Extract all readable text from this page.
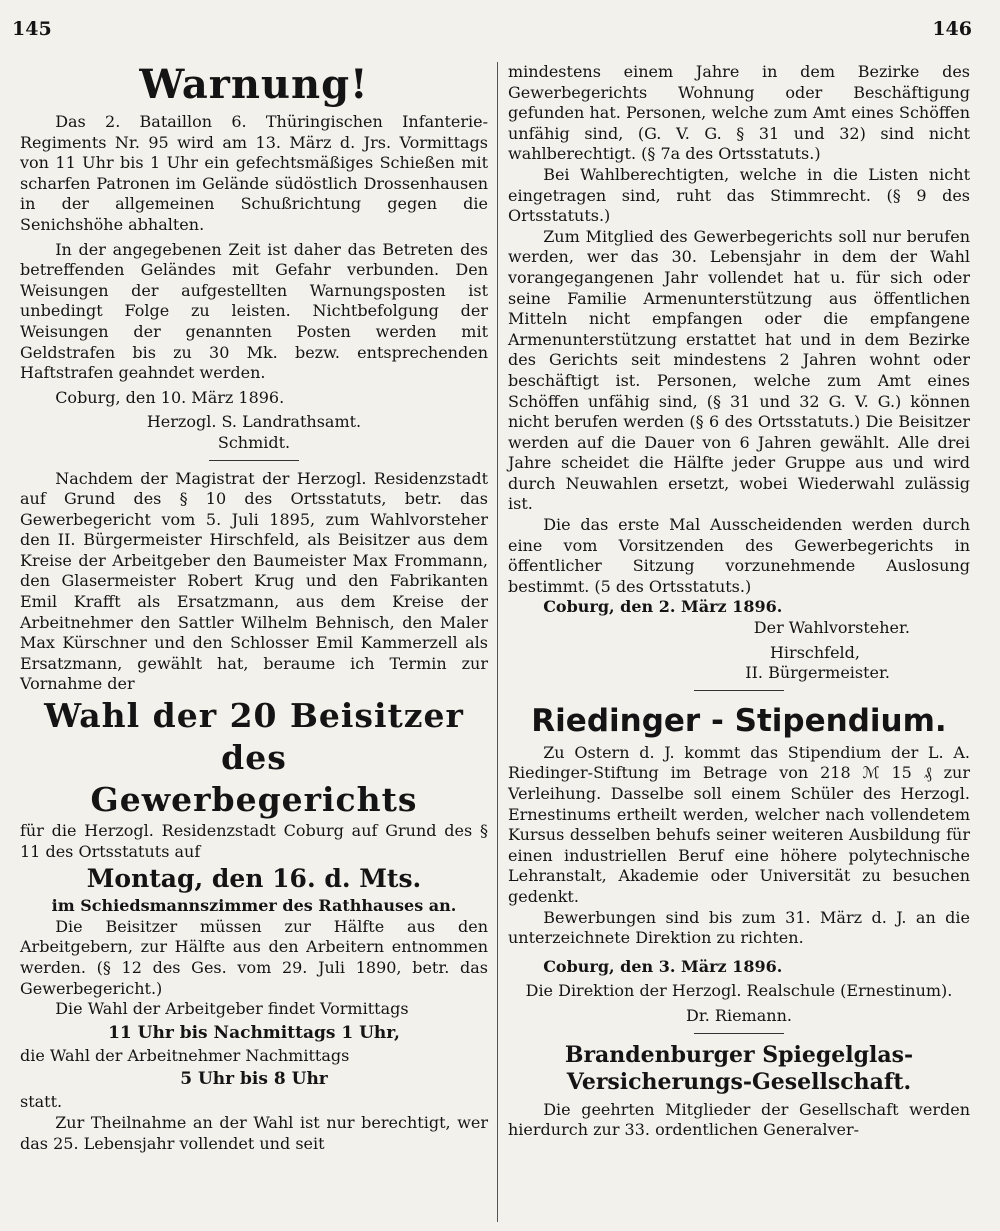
145	146

Warnung!

Das 2. Bataillon 6. Thüringischen Infanterie-Regiments Nr. 95 wird am 13. März d. Jrs. Vormittags von 11 Uhr bis 1 Uhr ein gefechtsmäßiges Schießen mit scharfen Patronen im Gelände südöstlich Drossenhausen in der allgemeinen Schußrichtung gegen die Senichshöhe abhalten.

In der angegebenen Zeit ist daher das Betreten des betreffenden Geländes mit Gefahr verbunden. Den Weisungen der aufgestellten Warnungsposten ist unbedingt Folge zu leisten. Nichtbefolgung der Weisungen der genannten Posten werden mit Geldstrafen bis zu 30 Mk. bezw. entsprechenden Haftstrafen geahndet werden.

Coburg, den 10. März 1896.

Herzogl. S. Landrathsamt.

Schmidt.

Nachdem der Magistrat der Herzogl. Residenzstadt auf Grund des § 10 des Ortsstatuts, betr. das Gewerbegericht vom 5. Juli 1895, zum Wahlvorsteher den II. Bürgermeister Hirschfeld, als Beisitzer aus dem Kreise der Arbeitgeber den Baumeister Max Frommann, den Glasermeister Robert Krug und den Fabrikanten Emil Krafft als Ersatzmann, aus dem Kreise der Arbeitnehmer den Sattler Wilhelm Behnisch, den Maler Max Kürschner und den Schlosser Emil Kammerzell als Ersatzmann, gewählt hat, beraume ich Termin zur Vornahme der

Wahl der 20 Beisitzer des

Gewerbegerichts

für die Herzogl. Residenzstadt Coburg auf Grund des § 11 des Ortsstatuts auf

Montag, den 16. d. Mts.

im Schiedsmannszimmer des Rathhauses an.

Die Beisitzer müssen zur Hälfte aus den Arbeitgebern, zur Hälfte aus den Arbeitern entnommen werden. (§ 12 des Ges. vom 29. Juli 1890, betr. das Gewerbegericht.)

Die Wahl der Arbeitgeber findet Vormittags

11 Uhr bis Nachmittags 1 Uhr,

die Wahl der Arbeitnehmer Nachmittags

5 Uhr bis 8 Uhr

statt.

Zur Theilnahme an der Wahl ist nur berechtigt, wer das 25. Lebensjahr vollendet und seit

mindestens einem Jahre in dem Bezirke des Gewerbegerichts Wohnung oder Beschäftigung gefunden hat. Personen, welche zum Amt eines Schöffen unfähig sind, (G. V. G. § 31 und 32) sind nicht wahlberechtigt. (§ 7a des Ortsstatuts.)

Bei Wahlberechtigten, welche in die Listen nicht eingetragen sind, ruht das Stimmrecht. (§ 9 des Ortsstatuts.)

Zum Mitglied des Gewerbegerichts soll nur berufen werden, wer das 30. Lebensjahr in dem der Wahl vorangegangenen Jahr vollendet hat u. für sich oder seine Familie Armenunterstützung aus öffentlichen Mitteln nicht empfangen oder die empfangene Armenunterstützung erstattet hat und in dem Bezirke des Gerichts seit mindestens 2 Jahren wohnt oder beschäftigt ist. Personen, welche zum Amt eines Schöffen unfähig sind, (§ 31 und 32 G. V. G.) können nicht berufen werden (§ 6 des Ortsstatuts.) Die Beisitzer werden auf die Dauer von 6 Jahren gewählt. Alle drei Jahre scheidet die Hälfte jeder Gruppe aus und wird durch Neuwahlen ersetzt, wobei Wiederwahl zulässig ist.

Die das erste Mal Ausscheidenden werden durch eine vom Vorsitzenden des Gewerbegerichts in öffentlicher Sitzung vorzunehmende Auslosung bestimmt. (5 des Ortsstatuts.)

Coburg, den 2. März 1896.

Der Wahlvorsteher.

Hirschfeld,

II. Bürgermeister.

Riedinger - Stipendium.

Zu Ostern d. J. kommt das Stipendium der L. A. Riedinger-Stiftung im Betrage von 218 ℳ 15 ₰ zur Verleihung. Dasselbe soll einem Schüler des Herzogl. Ernestinums ertheilt werden, welcher nach vollendetem Kursus desselben behufs seiner weiteren Ausbildung für einen industriellen Beruf eine höhere polytechnische Lehranstalt, Akademie oder Universität zu besuchen gedenkt.

Bewerbungen sind bis zum 31. März d. J. an die unterzeichnete Direktion zu richten.

Coburg, den 3. März 1896.

Die Direktion der Herzogl. Realschule (Ernestinum).

Dr. Riemann.

Brandenburger Spiegelglas-

Versicherungs-Gesellschaft.

Die geehrten Mitglieder der Gesellschaft werden hierdurch zur 33. ordentlichen Generalver-
